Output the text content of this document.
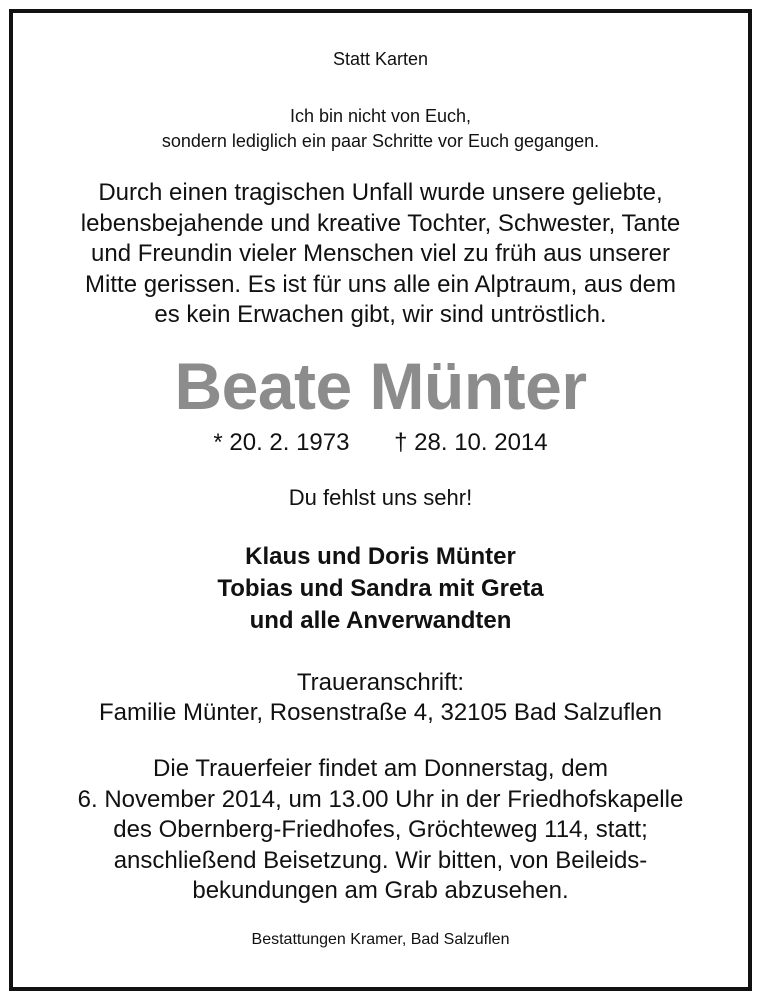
Statt Karten
Ich bin nicht von Euch,
sondern lediglich ein paar Schritte vor Euch gegangen.
Durch einen tragischen Unfall wurde unsere geliebte,
lebensbejahende und kreative Tochter, Schwester, Tante
und Freundin vieler Menschen viel zu früh aus unserer
Mitte gerissen. Es ist für uns alle ein Alptraum, aus dem
es kein Erwachen gibt, wir sind untröstlich.
Beate Münter
* 20. 2. 1973 † 28. 10. 2014
Du fehlst uns sehr!
Klaus und Doris Münter
Tobias und Sandra mit Greta
und alle Anverwandten
Traueranschrift:
Familie Münter, Rosenstraße 4, 32105 Bad Salzuflen
Die Trauerfeier findet am Donnerstag, dem
6. November 2014, um 13.00 Uhr in der Friedhofskapelle
des Obernberg-Friedhofes, Gröchteweg 114, statt;
anschließend Beisetzung. Wir bitten, von Beileids-
bekundungen am Grab abzusehen.
Bestattungen Kramer, Bad Salzuflen
